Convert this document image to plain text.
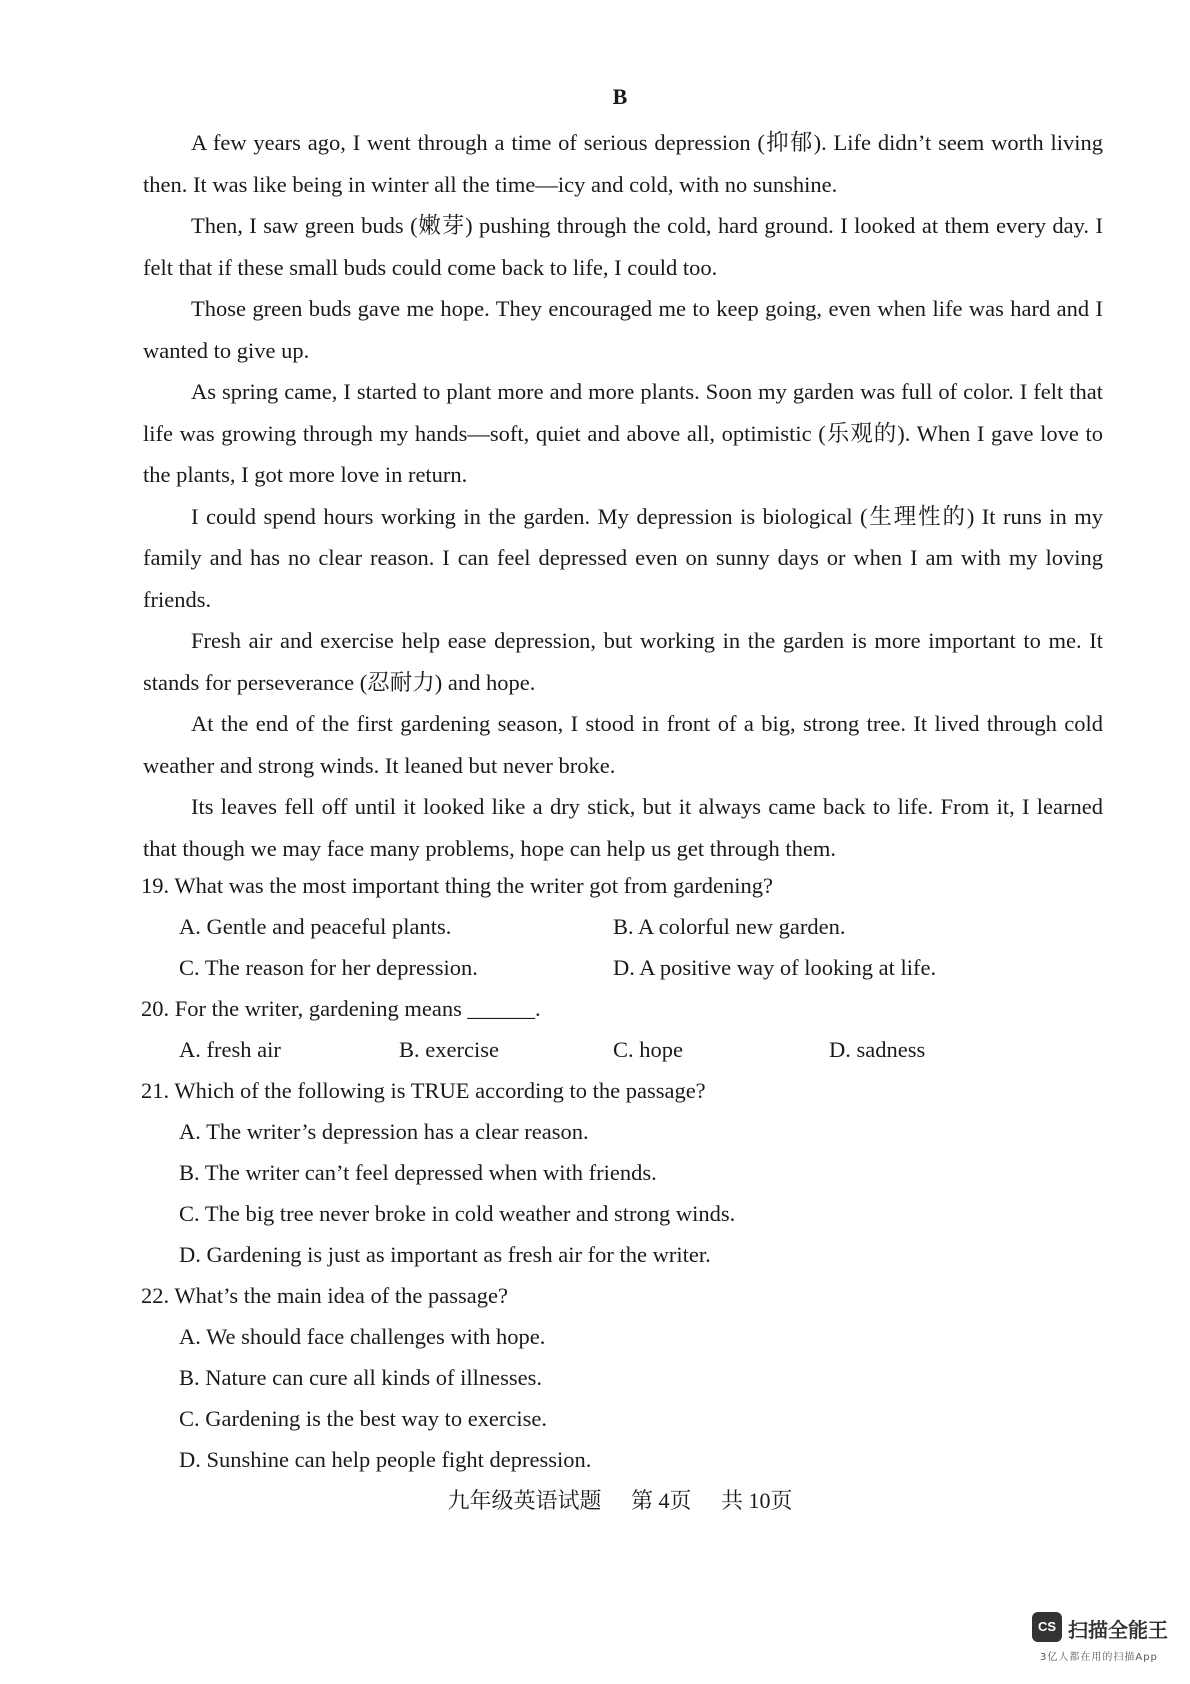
B

A few years ago, I went through a time of serious depression (抑郁). Life didn’t seem worth living then. It was like being in winter all the time—icy and cold, with no sunshine.

Then, I saw green buds (嫩芽) pushing through the cold, hard ground. I looked at them every day. I felt that if these small buds could come back to life, I could too.

Those green buds gave me hope. They encouraged me to keep going, even when life was hard and I wanted to give up.

As spring came, I started to plant more and more plants. Soon my garden was full of color. I felt that life was growing through my hands—soft, quiet and above all, optimistic (乐观的). When I gave love to the plants, I got more love in return.

I could spend hours working in the garden. My depression is biological (生理性的) It runs in my family and has no clear reason. I can feel depressed even on sunny days or when I am with my loving friends.

Fresh air and exercise help ease depression, but working in the garden is more important to me. It stands for perseverance (忍耐力) and hope.

At the end of the first gardening season, I stood in front of a big, strong tree. It lived through cold weather and strong winds. It leaned but never broke.

Its leaves fell off until it looked like a dry stick, but it always came back to life. From it, I learned that though we may face many problems, hope can help us get through them.

19. What was the most important thing the writer got from gardening?
A. Gentle and peaceful plants.	B. A colorful new garden.
C. The reason for her depression.	D. A positive way of looking at life.
20. For the writer, gardening means ______.
A. fresh air	B. exercise	C. hope	D. sadness
21. Which of the following is TRUE according to the passage?
A. The writer’s depression has a clear reason.
B. The writer can’t feel depressed when with friends.
C. The big tree never broke in cold weather and strong winds.
D. Gardening is just as important as fresh air for the writer.
22. What’s the main idea of the passage?
A. We should face challenges with hope.
B. Nature can cure all kinds of illnesses.
C. Gardening is the best way to exercise.
D. Sunshine can help people fight depression.
九年级英语试题 第 4页 共 10页
CS 扫描全能王
3亿人都在用的扫描App
